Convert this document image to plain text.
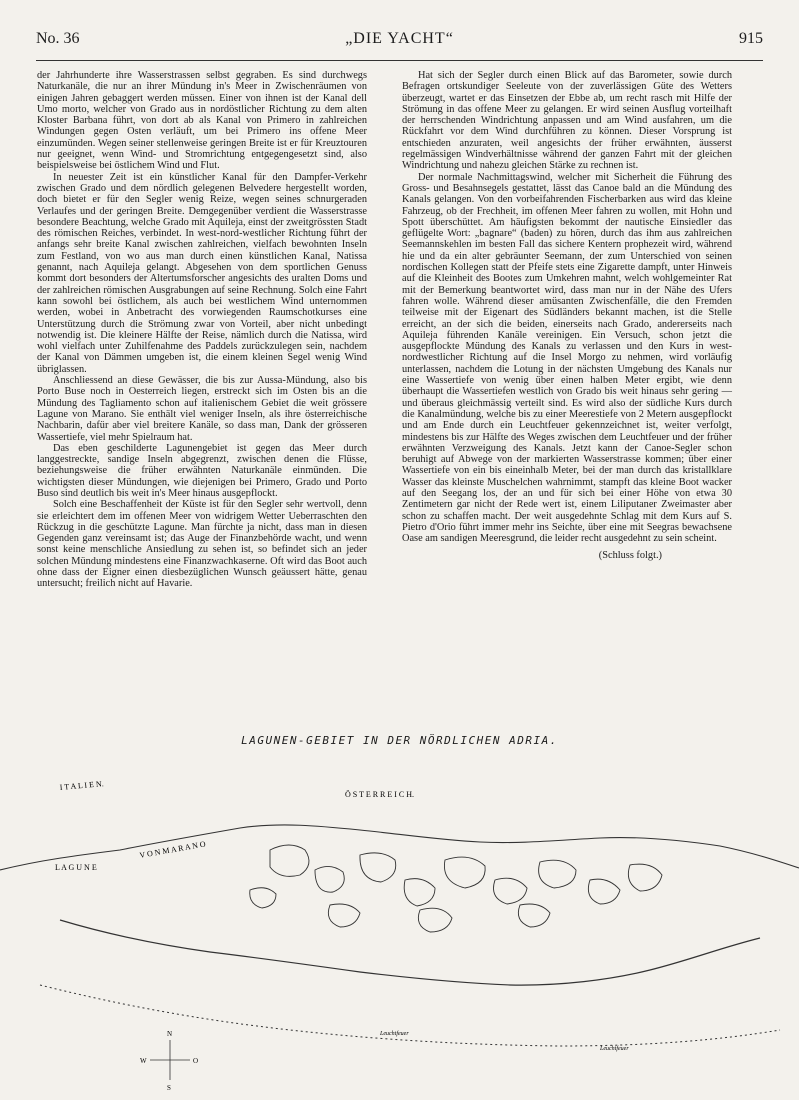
No. 36	„DIE YACHT“	915

der Jahrhunderte ihre Wasserstrassen selbst gegraben. Es sind durchwegs Naturkanäle, die nur an ihrer Mündung in's Meer in Zwischenräumen von einigen Jahren gebaggert werden müssen. Einer von ihnen ist der Kanal dell Umo morto, welcher von Grado aus in nordöstlicher Richtung zu dem alten Kloster Barbana führt, von dort ab als Kanal von Primero in zahlreichen Windungen gegen Osten verläuft, um bei Primero ins offene Meer einzumünden. Wegen seiner stellenweise geringen Breite ist er für Kreuztouren nur geeignet, wenn Wind- und Stromrichtung entgegengesetzt sind, also beispielsweise bei östlichem Wind und Flut.

In neuester Zeit ist ein künstlicher Kanal für den Dampfer-Verkehr zwischen Grado und dem nördlich gelegenen Belvedere hergestellt worden, doch bietet er für den Segler wenig Reize, wegen seines schnurgeraden Verlaufes und der geringen Breite. Demgegenüber verdient die Wasserstrasse besondere Beachtung, welche Grado mit Aquileja, einst der zweitgrössten Stadt des römischen Reiches, verbindet. In west-nord-westlicher Richtung führt der anfangs sehr breite Kanal zwischen zahlreichen, vielfach bewohnten Inseln zum Festland, von wo aus man durch einen künstlichen Kanal, Natissa genannt, nach Aquileja gelangt. Abgesehen von dem sportlichen Genuss kommt dort besonders der Altertumsforscher angesichts des uralten Doms und der zahlreichen römischen Ausgrabungen auf seine Rechnung. Solch eine Fahrt kann sowohl bei östlichem, als auch bei westlichem Wind unternommen werden, wobei in Anbetracht des vorwiegenden Raumschotkurses eine Unterstützung durch die Strömung zwar von Vorteil, aber nicht unbedingt notwendig ist. Die kleinere Hälfte der Reise, nämlich durch die Natissa, wird wohl vielfach unter Zuhilfenahme des Paddels zurückzulegen sein, nachdem der Kanal von Dämmen umgeben ist, die einem kleinen Segel wenig Wind übriglassen.

Anschliessend an diese Gewässer, die bis zur Aussa-Mündung, also bis Porto Buse noch in Oesterreich liegen, erstreckt sich im Osten bis an die Mündung des Tagliamento schon auf italienischem Gebiet die weit grössere Lagune von Marano. Sie enthält viel weniger Inseln, als ihre österreichische Nachbarin, dafür aber viel breitere Kanäle, so dass man, Dank der grösseren Wassertiefe, viel mehr Spielraum hat.

Das eben geschilderte Lagunengebiet ist gegen das Meer durch langgestreckte, sandige Inseln abgegrenzt, zwischen denen die Flüsse, beziehungsweise die früher erwähnten Naturkanäle einmünden. Die wichtigsten dieser Mündungen, wie diejenigen bei Primero, Grado und Porto Buso sind deutlich bis weit in's Meer hinaus ausgepflockt.

Solch eine Beschaffenheit der Küste ist für den Segler sehr wertvoll, denn sie erleichtert dem im offenen Meer von widrigem Wetter Ueberraschten den Rückzug in die geschützte Lagune. Man fürchte ja nicht, dass man in diesen Gegenden ganz vereinsamt ist; das Auge der Finanzbehörde wacht, und wenn sonst keine menschliche Ansiedlung zu sehen ist, so befindet sich an jeder solchen Mündung mindestens eine Finanzwachkaserne. Oft wird das Boot auch ohne dass der Eigner einen diesbezüglichen Wunsch geäussert hätte, genau untersucht; freilich nicht auf Havarie.

Hat sich der Segler durch einen Blick auf das Barometer, sowie durch Befragen ortskundiger Seeleute von der zuverlässigen Güte des Wetters überzeugt, wartet er das Einsetzen der Ebbe ab, um recht rasch mit Hilfe der Strömung in das offene Meer zu gelangen. Er wird seinen Ausflug vorteilhaft der herrschenden Windrichtung anpassen und am Wind ausfahren, um die Rückfahrt vor dem Wind durchführen zu können. Dieser Vorsprung ist entschieden anzuraten, weil angesichts der früher erwähnten, äusserst regelmässigen Windverhältnisse während der ganzen Fahrt mit der gleichen Windrichtung und nahezu gleichen Stärke zu rechnen ist.

Der normale Nachmittagswind, welcher mit Sicherheit die Führung des Gross- und Besahnsegels gestattet, lässt das Canoe bald an die Mündung des Kanals gelangen. Von den vorbeifahrenden Fischerbarken aus wird das kleine Fahrzeug, ob der Frechheit, im offenen Meer fahren zu wollen, mit Hohn und Spott überschüttet. Am häufigsten bekommt der nautische Einsiedler das geflügelte Wort: „bagnare“ (baden) zu hören, durch das ihm aus zahlreichen Seemannskehlen im besten Fall das sichere Kentern prophezeit wird, während hie und da ein alter gebräunter Seemann, der zum Unterschied von seinen nordischen Kollegen statt der Pfeife stets eine Zigarette dampft, unter Hinweis auf die Kleinheit des Bootes zum Umkehren mahnt, welch wohlgemeinter Rat mit der Bemerkung beantwortet wird, dass man nur in der Nähe des Ufers fahren wolle. Während dieser amüsanten Zwischenfälle, die den Fremden teilweise mit der Eigenart des Südländers bekannt machen, ist die Stelle erreicht, an der sich die beiden, einerseits nach Grado, andererseits nach Aquileja führenden Kanäle vereinigen. Ein Versuch, schon jetzt die ausgepflockte Mündung des Kanals zu verlassen und den Kurs in west-nordwestlicher Richtung auf die Insel Morgo zu nehmen, wird vorläufig unterlassen, nachdem die Lotung in der nächsten Umgebung des Kanals nur eine Wassertiefe von wenig über einen halben Meter ergibt, wie denn überhaupt die Wassertiefen westlich von Grado bis weit hinaus sehr gering — und überaus gleichmässig verteilt sind. Es wird also der südliche Kurs durch die Kanalmündung, welche bis zu einer Meerestiefe von 2 Metern ausgepflockt und am Ende durch ein Leuchtfeuer gekennzeichnet ist, weiter verfolgt, mindestens bis zur Hälfte des Weges zwischen dem Leuchtfeuer und der früher erwähnten Verzweigung des Kanals. Jetzt kann der Canoe-Segler schon beruhigt auf Abwege von der markierten Wasserstrasse kommen; über einer Wassertiefe von ein bis eineinhalb Meter, bei der man durch das kristallklare Wasser das kleinste Muschelchen wahrnimmt, stampft das kleine Boot wacker auf den Seegang los, der an und für sich bei einer Höhe von etwa 30 Zentimetern gar nicht der Rede wert ist, einem Liliputaner Zweimaster aber schon zu schaffen macht. Der weit ausgedehnte Schlag mit dem Kurs auf S. Pietro d'Orio führt immer mehr ins Seichte, über eine mit Seegras bewachsene Oase am sandigen Meeresgrund, die leider recht ausgedehnt zu sein scheint.

(Schluss folgt.)

LAGUNEN-GEBIET IN DER NÖRDLICHEN ADRIA.
I T A L I E N.
Ö S T E R R E I C H.
L A G U N E
V O N M A R A N O
Leuchtfeuer
Leuchtfeuer
N
O
W
S
